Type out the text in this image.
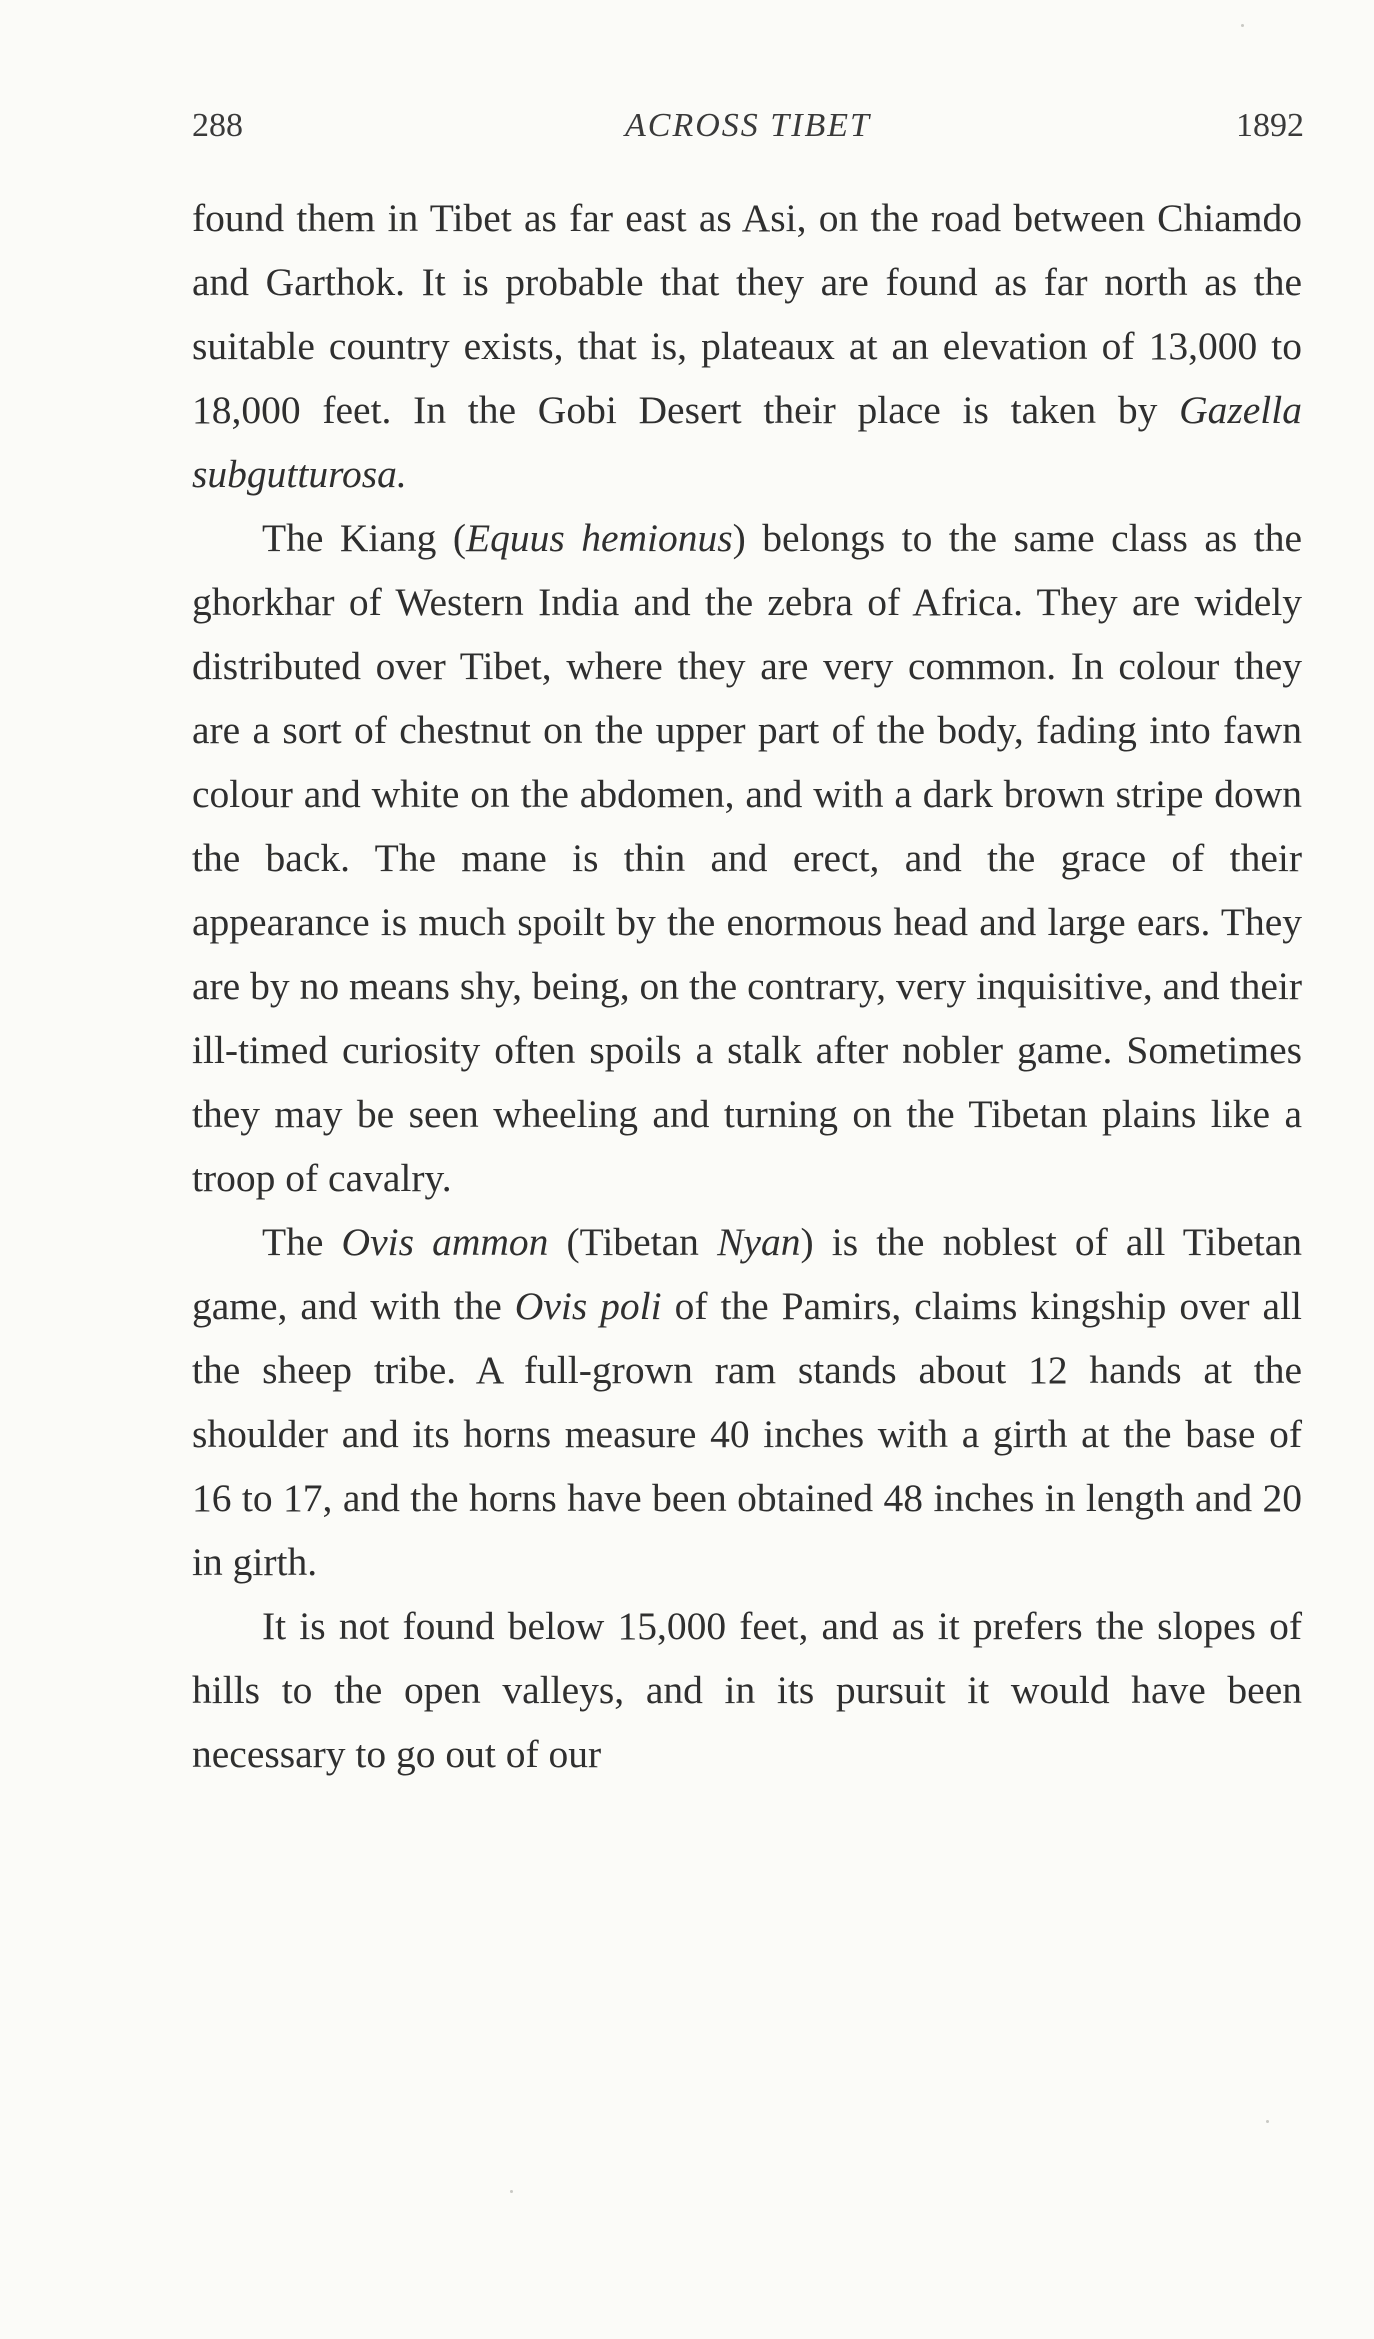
288	ACROSS TIBET	1892

found them in Tibet as far east as Asi, on the road between Chiamdo and Garthok. It is probable that they are found as far north as the suitable country exists, that is, plateaux at an elevation of 13,000 to 18,000 feet. In the Gobi Desert their place is taken by Gazella subgutturosa.

The Kiang (Equus hemionus) belongs to the same class as the ghorkhar of Western India and the zebra of Africa. They are widely distributed over Tibet, where they are very common. In colour they are a sort of chestnut on the upper part of the body, fading into fawn colour and white on the abdomen, and with a dark brown stripe down the back. The mane is thin and erect, and the grace of their appearance is much spoilt by the enormous head and large ears. They are by no means shy, being, on the contrary, very inquisitive, and their ill-timed curiosity often spoils a stalk after nobler game. Sometimes they may be seen wheeling and turning on the Tibetan plains like a troop of cavalry.

The Ovis ammon (Tibetan Nyan) is the noblest of all Tibetan game, and with the Ovis poli of the Pamirs, claims kingship over all the sheep tribe. A full-grown ram stands about 12 hands at the shoulder and its horns measure 40 inches with a girth at the base of 16 to 17, and the horns have been obtained 48 inches in length and 20 in girth.

It is not found below 15,000 feet, and as it prefers the slopes of hills to the open valleys, and in its pursuit it would have been necessary to go out of our
